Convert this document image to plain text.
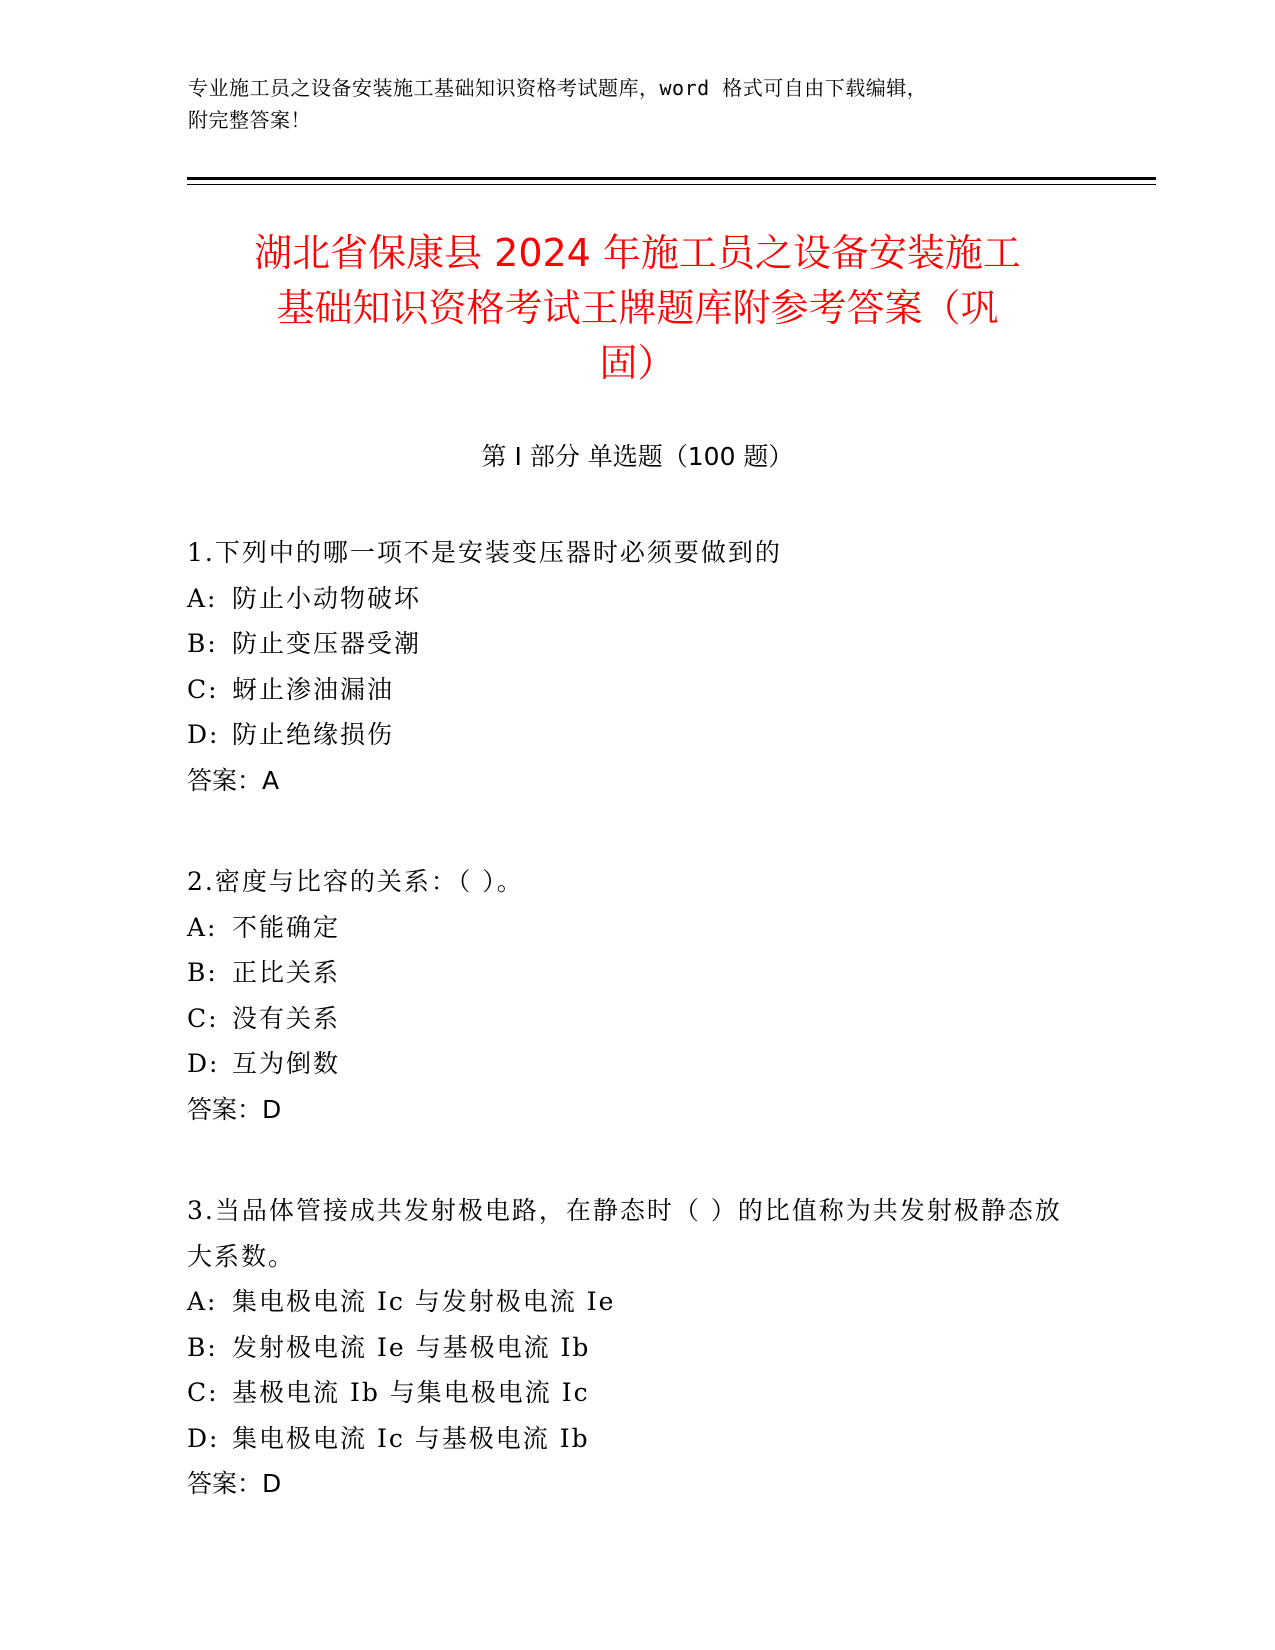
专业施工员之设备安装施工基础知识资格考试题库，word 格式可自由下载编辑，
附完整答案！
湖北省保康县 2024 年施工员之设备安装施工
基础知识资格考试王牌题库附参考答案（巩
固）
第 I 部分 单选题（100 题）
1.下列中的哪一项不是安装变压器时必须要做到的
A: 防止小动物破坏
B: 防止变压器受潮
C: 蚜止渗油漏油
D: 防止绝缘损伤
答案：A
2.密度与比容的关系：（ ）。
A: 不能确定
B: 正比关系
C: 没有关系
D: 互为倒数
答案：D
3.当品体管接成共发射极电路，在静态时（ ）的比值称为共发射极静态放大系数。
A: 集电极电流 Ic 与发射极电流 Ie
B: 发射极电流 Ie 与基极电流 Ib
C: 基极电流 Ib 与集电极电流 Ic
D: 集电极电流 Ic 与基极电流 Ib
答案：D
